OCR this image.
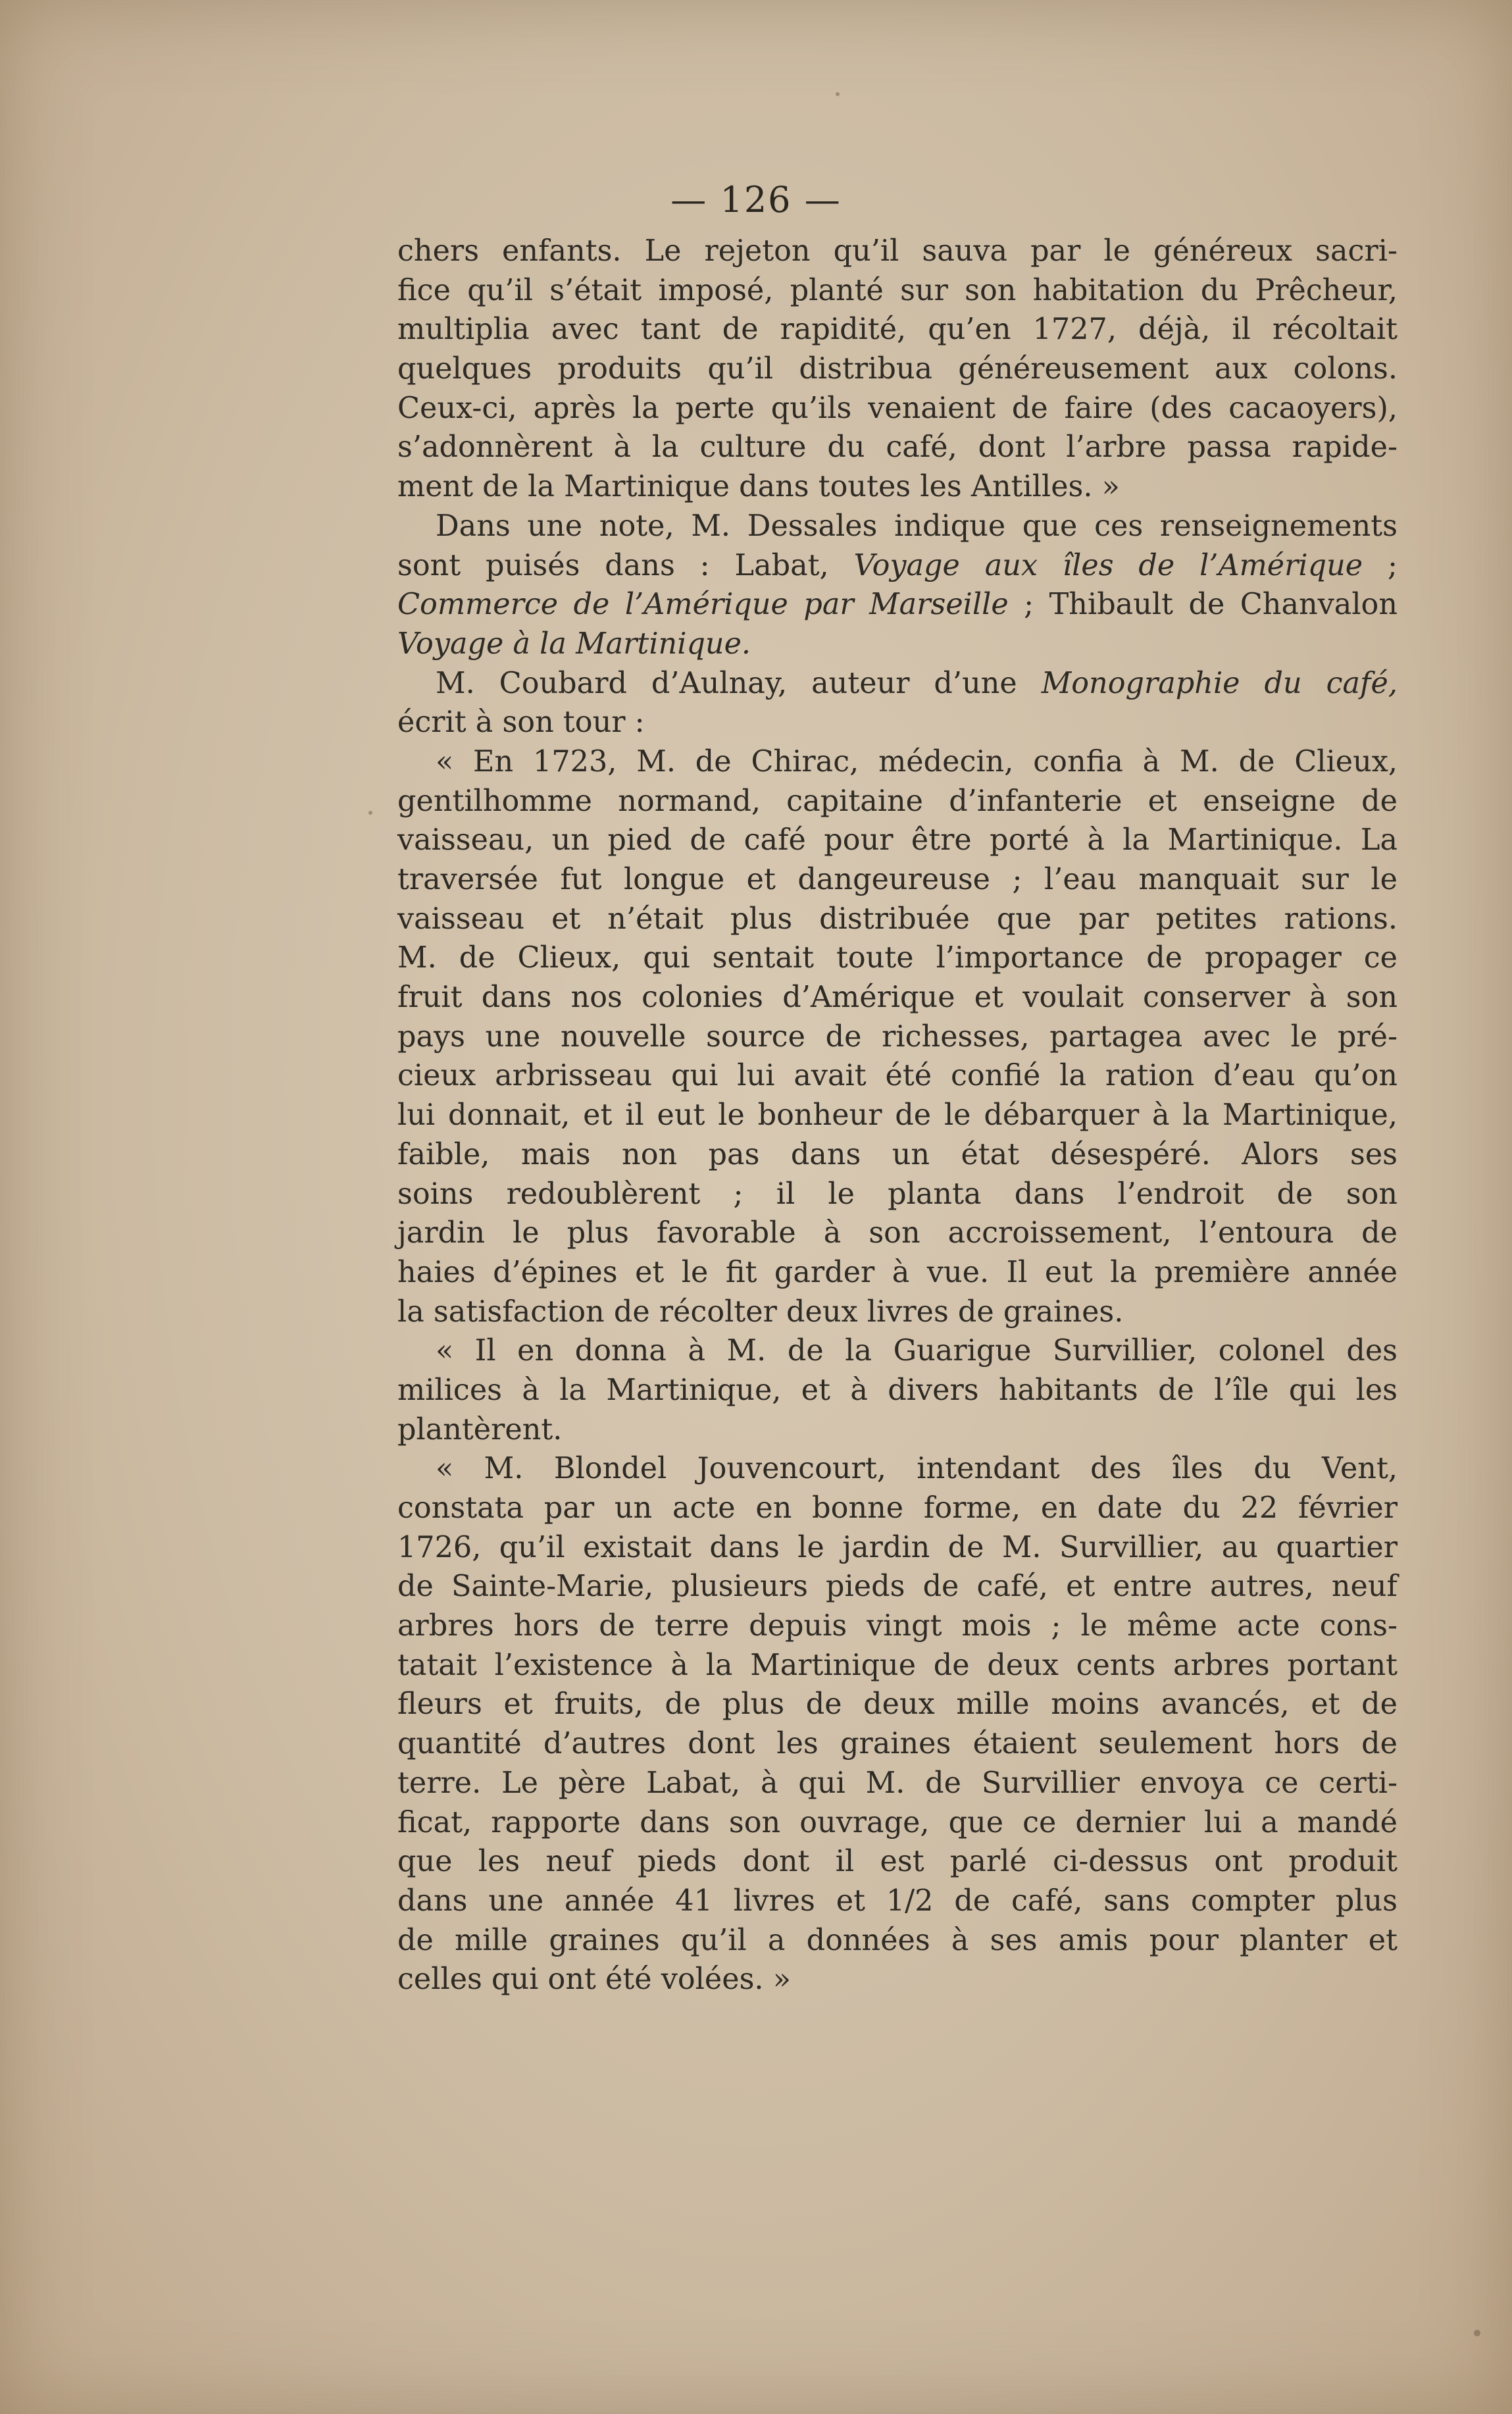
— 126 —
chers enfants. Le rejeton qu’il sauva par le généreux sacri-
fice qu’il s’était imposé, planté sur son habitation du Prêcheur,
multiplia avec tant de rapidité, qu’en 1727, déjà, il récoltait
quelques produits qu’il distribua généreusement aux colons.
Ceux-ci, après la perte qu’ils venaient de faire (des cacaoyers),
s’adonnèrent à la culture du café, dont l’arbre passa rapide-
ment de la Martinique dans toutes les Antilles. »
Dans une note, M. Dessales indique que ces renseignements
sont puisés dans : Labat, Voyage aux îles de l’Amérique ;
Commerce de l’Amérique par Marseille ; Thibault de Chanvalon
Voyage à la Martinique.
M. Coubard d’Aulnay, auteur d’une Monographie du café,
écrit à son tour :
« En 1723, M. de Chirac, médecin, confia à M. de Clieux,
gentilhomme normand, capitaine d’infanterie et enseigne de
vaisseau, un pied de café pour être porté à la Martinique. La
traversée fut longue et dangeureuse ; l’eau manquait sur le
vaisseau et n’était plus distribuée que par petites rations.
M. de Clieux, qui sentait toute l’importance de propager ce
fruit dans nos colonies d’Amérique et voulait conserver à son
pays une nouvelle source de richesses, partagea avec le pré-
cieux arbrisseau qui lui avait été confié la ration d’eau qu’on
lui donnait, et il eut le bonheur de le débarquer à la Martinique,
faible, mais non pas dans un état désespéré. Alors ses
soins redoublèrent ; il le planta dans l’endroit de son
jardin le plus favorable à son accroissement, l’entoura de
haies d’épines et le fit garder à vue. Il eut la première année
la satisfaction de récolter deux livres de graines.
« Il en donna à M. de la Guarigue Survillier, colonel des
milices à la Martinique, et à divers habitants de l’île qui les
plantèrent.
« M. Blondel Jouvencourt, intendant des îles du Vent,
constata par un acte en bonne forme, en date du 22 février
1726, qu’il existait dans le jardin de M. Survillier, au quartier
de Sainte-Marie, plusieurs pieds de café, et entre autres, neuf
arbres hors de terre depuis vingt mois ; le même acte cons-
tatait l’existence à la Martinique de deux cents arbres portant
fleurs et fruits, de plus de deux mille moins avancés, et de
quantité d’autres dont les graines étaient seulement hors de
terre. Le père Labat, à qui M. de Survillier envoya ce certi-
ficat, rapporte dans son ouvrage, que ce dernier lui a mandé
que les neuf pieds dont il est parlé ci-dessus ont produit
dans une année 41 livres et 1/2 de café, sans compter plus
de mille graines qu’il a données à ses amis pour planter et
celles qui ont été volées. »
